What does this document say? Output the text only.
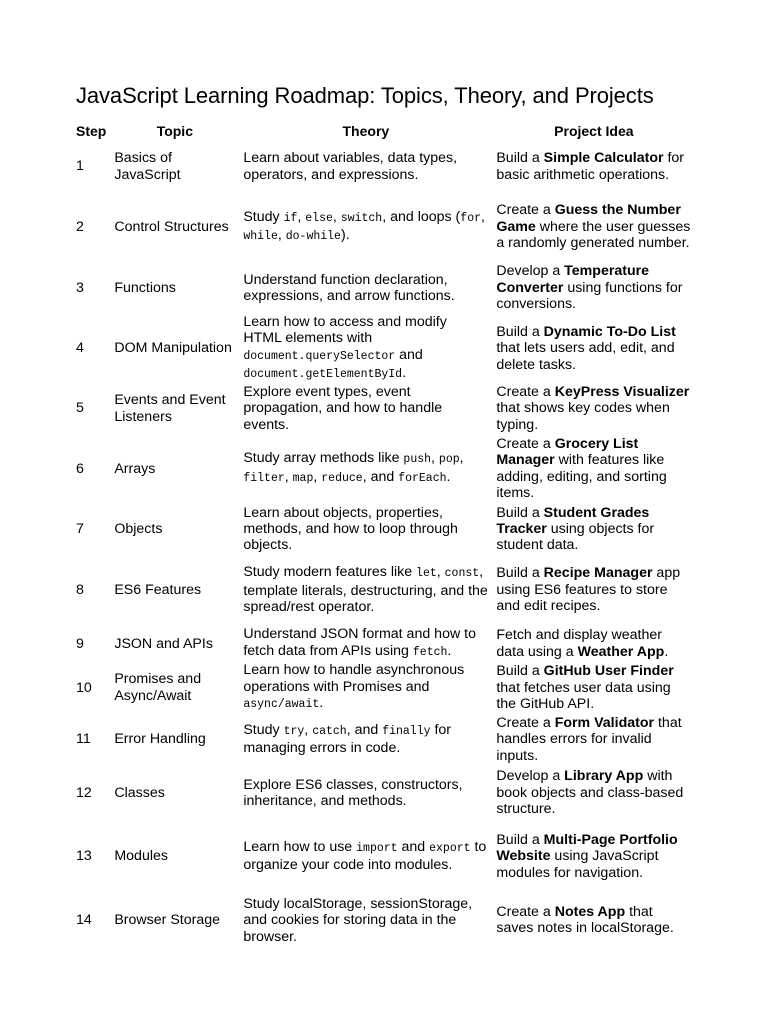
JavaScript Learning Roadmap: Topics, Theory, and Projects
Step	Topic	Theory	Project Idea
1	Basics of JavaScript	Learn about variables, data types, operators, and expressions.	Build a Simple Calculator for basic arithmetic operations.
2	Control Structures	Study if, else, switch, and loops (for, while, do-while).	Create a Guess the Number Game where the user guesses a randomly generated number.
3	Functions	Understand function declaration, expressions, and arrow functions.	Develop a Temperature Converter using functions for conversions.
4	DOM Manipulation	Learn how to access and modify HTML elements with document.querySelector and document.getElementById.	Build a Dynamic To-Do List that lets users add, edit, and delete tasks.
5	Events and Event Listeners	Explore event types, event propagation, and how to handle events.	Create a KeyPress Visualizer that shows key codes when typing.
6	Arrays	Study array methods like push, pop, filter, map, reduce, and forEach.	Create a Grocery List Manager with features like adding, editing, and sorting items.
7	Objects	Learn about objects, properties, methods, and how to loop through objects.	Build a Student Grades Tracker using objects for student data.
8	ES6 Features	Study modern features like let, const, template literals, destructuring, and the spread/rest operator.	Build a Recipe Manager app using ES6 features to store and edit recipes.
9	JSON and APIs	Understand JSON format and how to fetch data from APIs using fetch.	Fetch and display weather data using a Weather App.
10	Promises and Async/Await	Learn how to handle asynchronous operations with Promises and async/await.	Build a GitHub User Finder that fetches user data using the GitHub API.
11	Error Handling	Study try, catch, and finally for managing errors in code.	Create a Form Validator that handles errors for invalid inputs.
12	Classes	Explore ES6 classes, constructors, inheritance, and methods.	Develop a Library App with book objects and class-based structure.
13	Modules	Learn how to use import and export to organize your code into modules.	Build a Multi-Page Portfolio Website using JavaScript modules for navigation.
14	Browser Storage	Study localStorage, sessionStorage, and cookies for storing data in the browser.	Create a Notes App that saves notes in localStorage.
